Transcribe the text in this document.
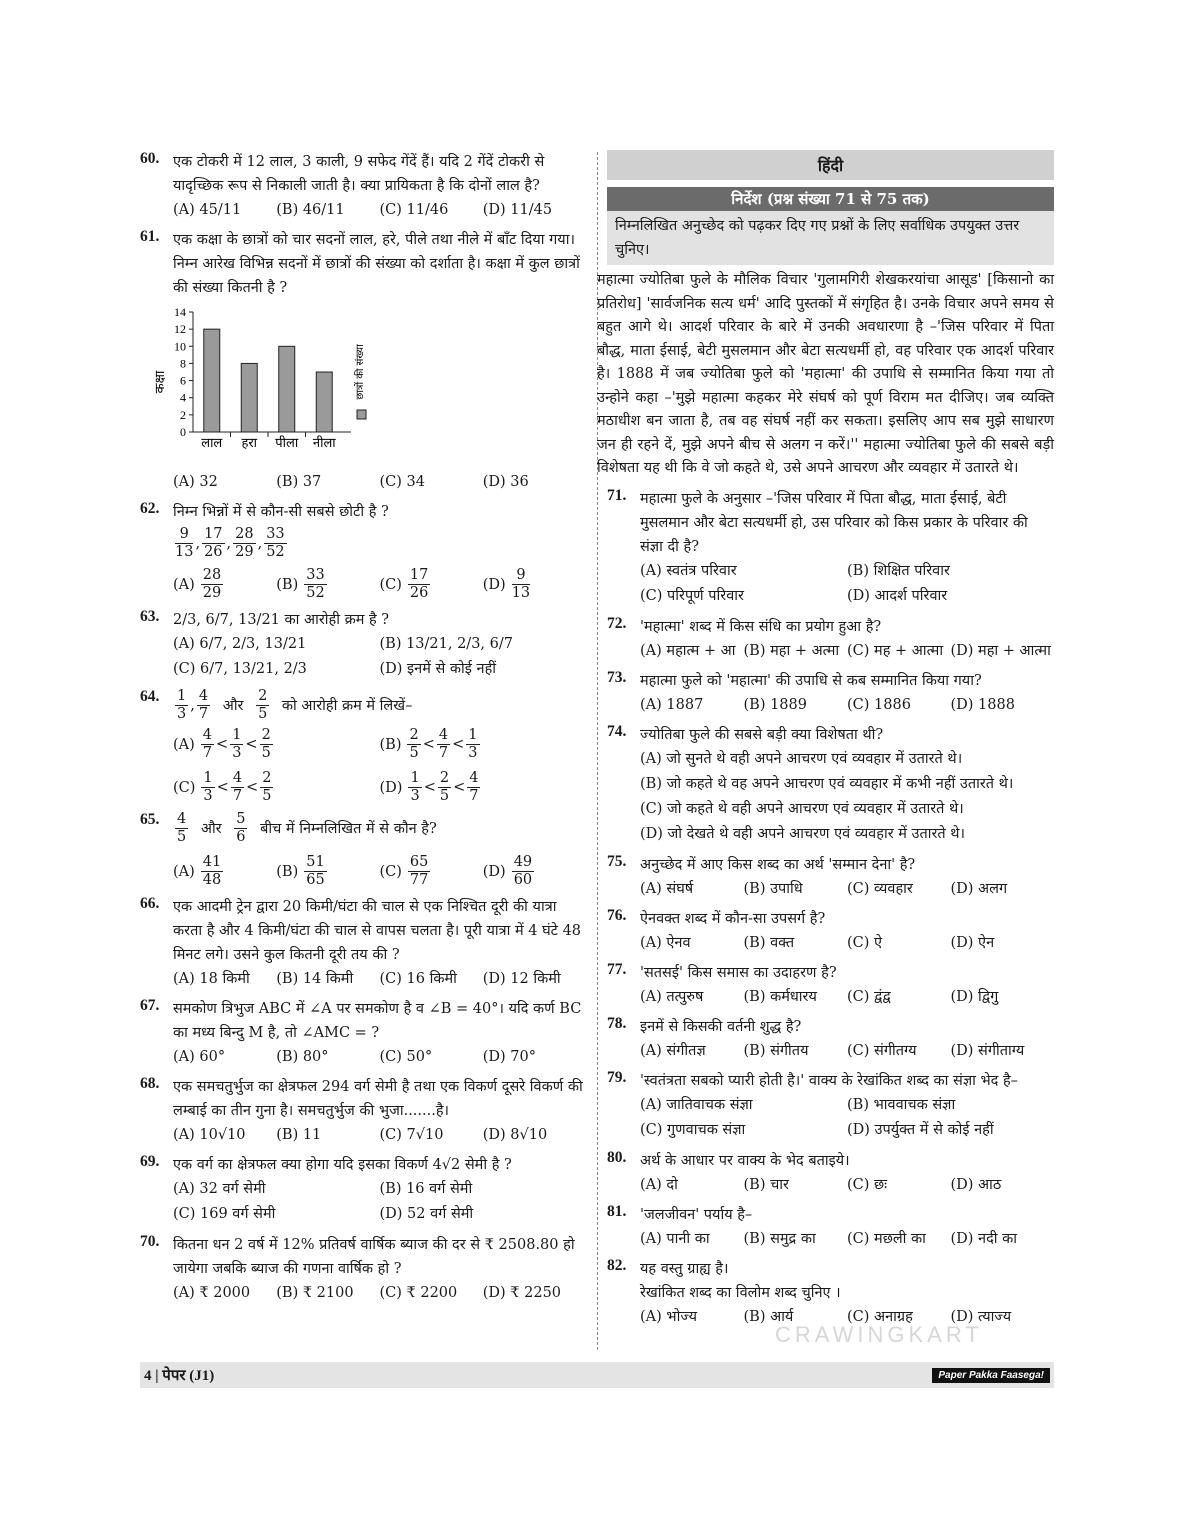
60. एक टोकरी में 12 लाल, 3 काली, 9 सफेद गेंदें हैं। यदि 2 गेंदें टोकरी से यादृच्छिक रूप से निकाली जाती है। क्या प्रायिकता है कि दोनों लाल है?
(A) 45/11	(B) 46/11	(C) 11/46	(D) 11/45
61. एक कक्षा के छात्रों को चार सदनों लाल, हरे, पीले तथा नीले में बाँट दिया गया। निम्न आरेख विभिन्न सदनों में छात्रों की संख्या को दर्शाता है। कक्षा में कुल छात्रों की संख्या कितनी है ?
0
2
4
6
8
10
12
14
लाल हरा पीला नीला
कक्षा	छात्रों की संख्या
(A) 32	(B) 37	(C) 34	(D) 36
62. निम्न भिन्नों में से कौन-सी सबसे छोटी है ?
$\frac{9}{13}$ , $\frac{17}{26}$ , $\frac{28}{29}$ , $\frac{33}{52}$
$(A) \frac{28}{29}$	$(B) \frac{33}{52}$	$(C) \frac{17}{26}$	$(D) \frac{9}{13}$
63. 2/3, 6/7, 13/21 का आरोही क्रम है ?
(A) 6/7, 2/3, 13/21	(B) 13/21, 2/3, 6/7
(C) 6/7, 13/21, 2/3	(D) इनमें से कोई नहीं
64.	$\frac{1}{3}$ , $\frac{4}{7}$ और $\frac{2}{5}$ को आरोही क्रम में लिखें–
$(A) \frac{4}{7} < \frac{1}{3} < \frac{2}{5}$	$(B) \frac{2}{5} < \frac{4}{7} < \frac{1}{3}$
$(C) \frac{1}{3} < \frac{4}{7} < \frac{2}{5}$	$(D) \frac{1}{3} < \frac{2}{5} < \frac{4}{7}$
65.	$\frac{4}{5}$ और $\frac{5}{6}$ बीच में निम्नलिखित में से कौन है?
$(A) \frac{41}{48}$	$(B) \frac{51}{65}$	$(C) \frac{65}{77}$	$(D) \frac{49}{60}$
66. एक आदमी ट्रेन द्वारा 20 किमी/घंटा की चाल से एक निश्चित दूरी की यात्रा करता है और 4 किमी/घंटा की चाल से वापस चलता है। पूरी यात्रा में 4 घंटे 48 मिनट लगे। उसने कुल कितनी दूरी तय की ?
(A) 18 किमी	(B) 14 किमी	(C) 16 किमी	(D) 12 किमी
67. समकोण त्रिभुज ABC में ∠A पर समकोण है व ∠B = 40°। यदि कर्ण BC का मध्य बिन्दु M है, तो ∠AMC = ?
(A) 60°	(B) 80°	(C) 50°	(D) 70°
68. एक समचतुर्भुज का क्षेत्रफल 294 वर्ग सेमी है तथा एक विकर्ण दूसरे विकर्ण की लम्बाई का तीन गुना है। समचतुर्भुज की भुजा.......है।
(A) 10√10	(B) 11	(C) 7√10	(D) 8√10
69. एक वर्ग का क्षेत्रफल क्या होगा यदि इसका विकर्ण 4√2 सेमी है ?
(A) 32 वर्ग सेमी	(B) 16 वर्ग सेमी
(C) 169 वर्ग सेमी	(D) 52 वर्ग सेमी
70. कितना धन 2 वर्ष में 12% प्रतिवर्ष वार्षिक ब्याज की दर से ₹ 2508.80 हो जायेगा जबकि ब्याज की गणना वार्षिक हो ?
(A) ₹ 2000	(B) ₹ 2100	(C) ₹ 2200	(D) ₹ 2250
हिंदी
निर्देश (प्रश्न संख्या 71 से 75 तक)
निम्नलिखित अनुच्छेद को पढ़कर दिए गए प्रश्नों के लिए सर्वाधिक उपयुक्त उत्तर चुनिए।
महात्मा ज्योतिबा फुले के मौलिक विचार 'गुलामगिरी शेखकरयांचा आसूड' [किसानो का प्रतिरोध] 'सार्वजनिक सत्य धर्म' आदि पुस्तकों में संगृहित है। उनके विचार अपने समय से बहुत आगे थे। आदर्श परिवार के बारे में उनकी अवधारणा है –'जिस परिवार में पिता बौद्ध, माता ईसाई, बेटी मुसलमान और बेटा सत्यधर्मी हो, वह परिवार एक आदर्श परिवार है। 1888 में जब ज्योतिबा फुले को 'महात्मा' की उपाधि से सम्मानित किया गया तो उन्होने कहा –'मुझे महात्मा कहकर मेरे संघर्ष को पूर्ण विराम मत दीजिए। जब व्यक्ति मठाधीश बन जाता है, तब वह संघर्ष नहीं कर सकता। इसलिए आप सब मुझे साधारण जन ही रहने दें, मुझे अपने बीच से अलग न करें।'' महात्मा ज्योतिबा फुले की सबसे बड़ी विशेषता यह थी कि वे जो कहते थे, उसे अपने आचरण और व्यवहार में उतारते थे।
71. महात्मा फुले के अनुसार –'जिस परिवार में पिता बौद्ध, माता ईसाई, बेटी मुसलमान और बेटा सत्यधर्मी हो, उस परिवार को किस प्रकार के परिवार की संज्ञा दी है?
(A) स्वतंत्र परिवार	(B) शिक्षित परिवार
(C) परिपूर्ण परिवार	(D) आदर्श परिवार
72. 'महात्मा' शब्द में किस संधि का प्रयोग हुआ है?
(A) महात्म + आ (B) महा + अत्मा (C) मह + आत्मा (D) महा + आत्मा
73. महात्मा फुले को 'महात्मा' की उपाधि से कब सम्मानित किया गया?
(A) 1887	(B) 1889	(C) 1886	(D) 1888
74. ज्योतिबा फुले की सबसे बड़ी क्या विशेषता थी?
(A) जो सुनते थे वही अपने आचरण एवं व्यवहार में उतारते थे।
(B) जो कहते थे वह अपने आचरण एवं व्यवहार में कभी नहीं उतारते थे।
(C) जो कहते थे वही अपने आचरण एवं व्यवहार में उतारते थे।
(D) जो देखते थे वही अपने आचरण एवं व्यवहार में उतारते थे।
75. अनुच्छेद में आए किस शब्द का अर्थ 'सम्मान देना' है?
(A) संघर्ष	(B) उपाधि	(C) व्यवहार	(D) अलग
76. ऐनवक्त शब्द में कौन-सा उपसर्ग है?
(A) ऐनव	(B) वक्त	(C) ऐ	(D) ऐन
77. 'सतसई' किस समास का उदाहरण है?
(A) तत्पुरुष	(B) कर्मधारय	(C) द्वंद्व	(D) द्विगु
78. इनमें से किसकी वर्तनी शुद्ध है?
(A) संगीतज्ञ	(B) संगीतय	(C) संगीतग्य	(D) संगीताग्य
79. 'स्वतंत्रता सबको प्यारी होती है।' वाक्य के रेखांकित शब्द का संज्ञा भेद है–
(A) जातिवाचक संज्ञा	(B) भाववाचक संज्ञा
(C) गुणवाचक संज्ञा	(D) उपर्युक्त में से कोई नहीं
80. अर्थ के आधार पर वाक्य के भेद बताइये।
(A) दो	(B) चार	(C) छः	(D) आठ
81. 'जलजीवन' पर्याय है–
(A) पानी का	(B) समुद्र का	(C) मछली का	(D) नदी का
82. यह वस्तु ग्राह्य है।
रेखांकित शब्द का विलोम शब्द चुनिए ।
(A) भोज्य	(B) आर्य	(C) अनाग्रह	(D) त्याज्य
CRAWINGKART
4 | पेपर (J1)	Paper Pakka Faasega!
